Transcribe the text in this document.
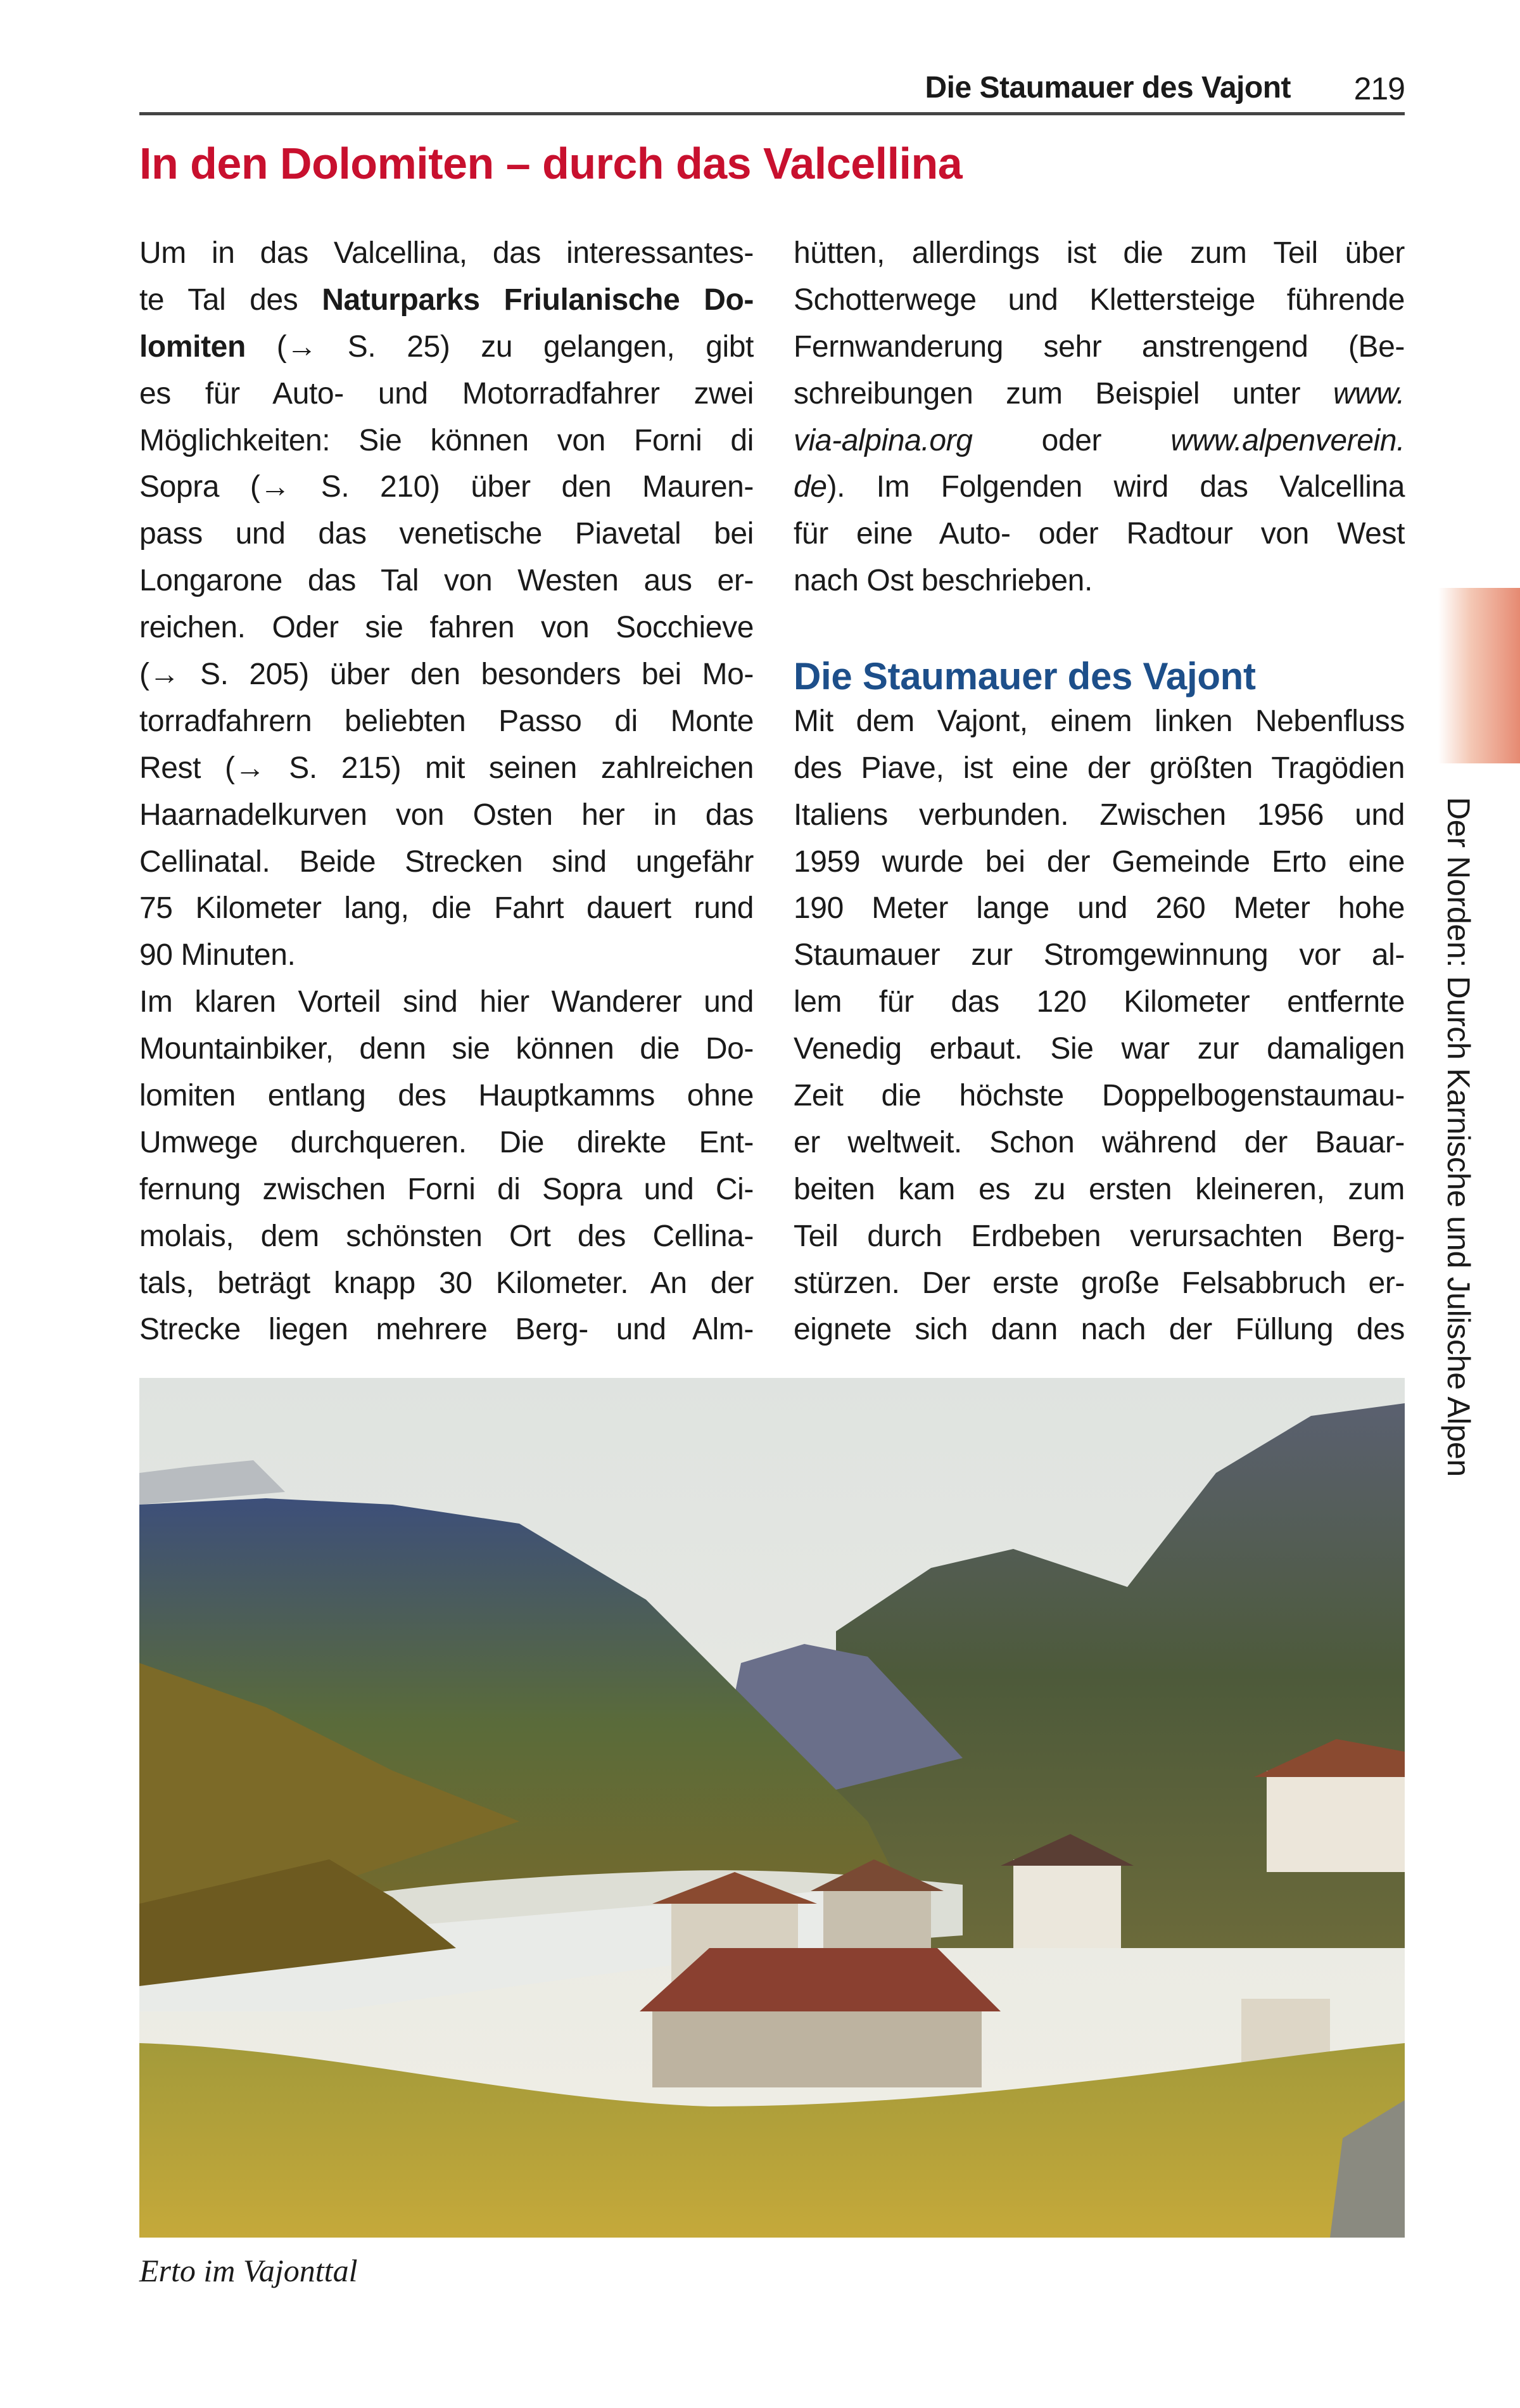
Die Staumauer des Vajont 219
In den Dolomiten – durch das Valcellina
Um in das Valcellina, das interessantes-
te Tal des Naturparks Friulanische Do-
lomiten (→ S. 25) zu gelangen, gibt
es für Auto- und Motorradfahrer zwei
Möglichkeiten: Sie können von Forni di
Sopra (→ S. 210) über den Mauren-
pass und das venetische Piavetal bei
Longarone das Tal von Westen aus er-
reichen. Oder sie fahren von Socchieve
(→ S. 205) über den besonders bei Mo-
torradfahrern beliebten Passo di Monte
Rest (→ S. 215) mit seinen zahlreichen
Haarnadelkurven von Osten her in das
Cellinatal. Beide Strecken sind ungefähr
75 Kilometer lang, die Fahrt dauert rund
90 Minuten.
Im klaren Vorteil sind hier Wanderer und
Mountainbiker, denn sie können die Do-
lomiten entlang des Hauptkamms ohne
Umwege durchqueren. Die direkte Ent-
fernung zwischen Forni di Sopra und Ci-
molais, dem schönsten Ort des Cellina-
tals, beträgt knapp 30 Kilometer. An der
Strecke liegen mehrere Berg- und Alm-
hütten, allerdings ist die zum Teil über
Schotterwege und Klettersteige führende
Fernwanderung sehr anstrengend (Be-
schreibungen zum Beispiel unter www.
via-alpina.org oder www.alpenverein.
de). Im Folgenden wird das Valcellina
für eine Auto- oder Radtour von West
nach Ost beschrieben.
Die Staumauer des Vajont
Mit dem Vajont, einem linken Nebenfluss
des Piave, ist eine der größten Tragödien
Italiens verbunden. Zwischen 1956 und
1959 wurde bei der Gemeinde Erto eine
190 Meter lange und 260 Meter hohe
Staumauer zur Stromgewinnung vor al-
lem für das 120 Kilometer entfernte
Venedig erbaut. Sie war zur damaligen
Zeit die höchste Doppelbogenstaumau-
er weltweit. Schon während der Bauar-
beiten kam es zu ersten kleineren, zum
Teil durch Erdbeben verursachten Berg-
stürzen. Der erste große Felsabbruch er-
eignete sich dann nach der Füllung des
Erto im Vajonttal
Der Norden: Durch Karnische und Julische Alpen
